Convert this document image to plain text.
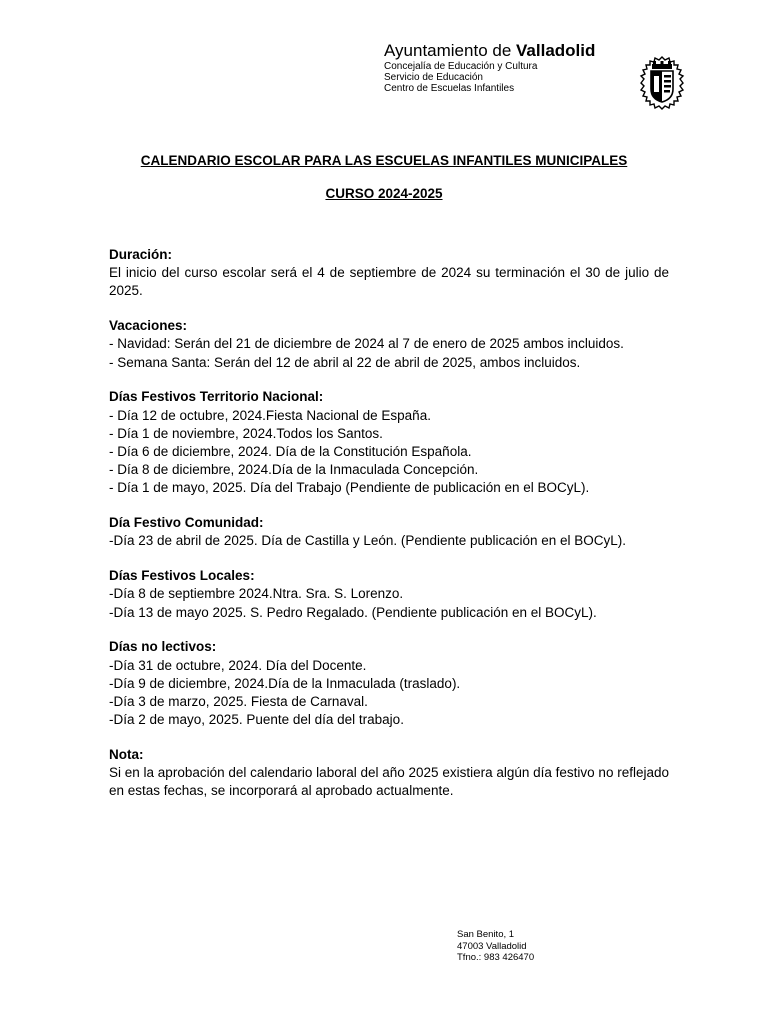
Ayuntamiento de Valladolid
Concejalía de Educación y Cultura
Servicio de Educación
Centro de Escuelas Infantiles
CALENDARIO ESCOLAR PARA LAS ESCUELAS INFANTILES MUNICIPALES
CURSO 2024-2025
Duración:

El inicio del curso escolar será el 4 de septiembre de 2024 su terminación el 30 de julio de 2025.

Vacaciones:
- Navidad: Serán del 21 de diciembre de 2024 al 7 de enero de 2025 ambos incluidos.
- Semana Santa: Serán del 12 de abril al 22 de abril de 2025, ambos incluidos.
Días Festivos Territorio Nacional:
- Día 12 de octubre, 2024.Fiesta Nacional de España.
- Día 1 de noviembre, 2024.Todos los Santos.
- Día 6 de diciembre, 2024. Día de la Constitución Española.
- Día 8 de diciembre, 2024.Día de la Inmaculada Concepción.
- Día 1 de mayo, 2025. Día del Trabajo (Pendiente de publicación en el BOCyL).
Día Festivo Comunidad:
-Día 23 de abril de 2025. Día de Castilla y León. (Pendiente publicación en el BOCyL).
Días Festivos Locales:
-Día 8 de septiembre 2024.Ntra. Sra. S. Lorenzo.
-Día 13 de mayo 2025. S. Pedro Regalado. (Pendiente publicación en el BOCyL).
Días no lectivos:
-Día 31 de octubre, 2024. Día del Docente.
-Día 9 de diciembre, 2024.Día de la Inmaculada (traslado).
-Día 3 de marzo, 2025. Fiesta de Carnaval.
-Día 2 de mayo, 2025. Puente del día del trabajo.
Nota:

Si en la aprobación del calendario laboral del año 2025 existiera algún día festivo no reflejado en estas fechas, se incorporará al aprobado actualmente.

San Benito, 1
47003 Valladolid
Tfno.: 983 426470
